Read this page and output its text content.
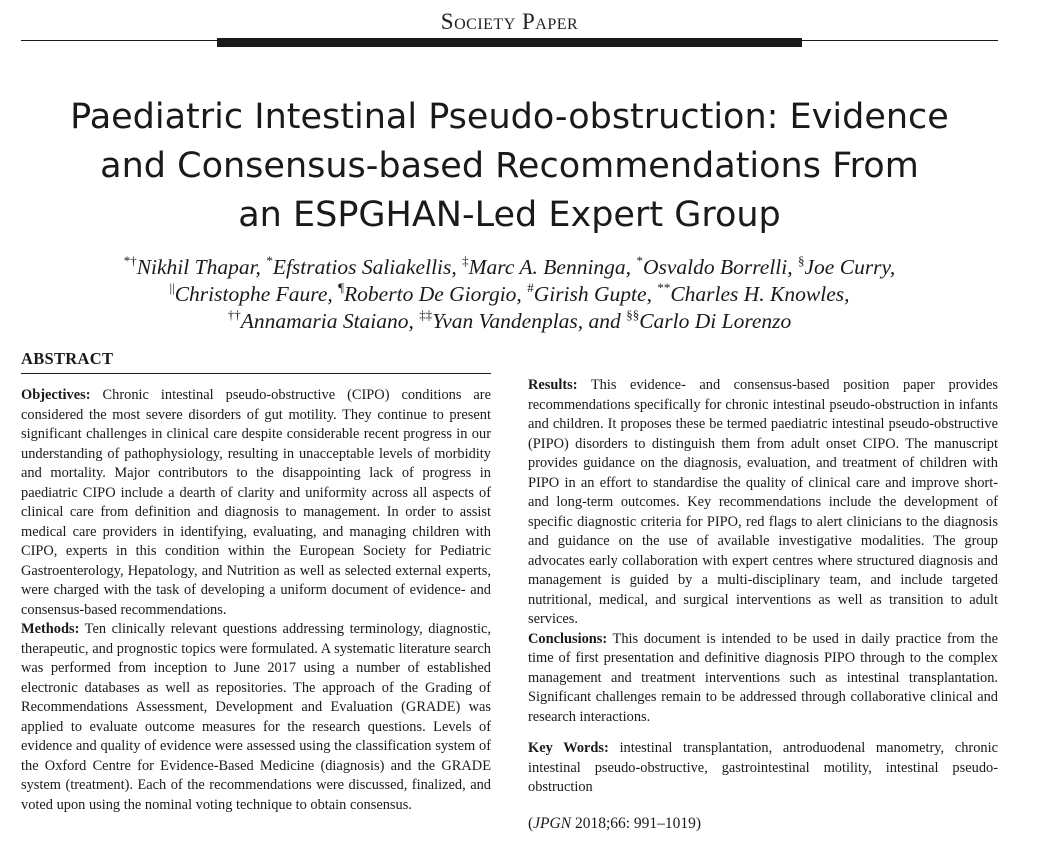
Society Paper
Paediatric Intestinal Pseudo-obstruction: Evidence
and Consensus-based Recommendations From
an ESPGHAN-Led Expert Group
*†Nikhil Thapar, *Efstratios Saliakellis, ‡Marc A. Benninga, *Osvaldo Borrelli, §Joe Curry,
||Christophe Faure, ¶Roberto De Giorgio, #Girish Gupte, **Charles H. Knowles,
††Annamaria Staiano, ‡‡Yvan Vandenplas, and §§Carlo Di Lorenzo
ABSTRACT

Objectives: Chronic intestinal pseudo-obstructive (CIPO) conditions are considered the most severe disorders of gut motility. They continue to present significant challenges in clinical care despite considerable recent progress in our understanding of pathophysiology, resulting in unacceptable levels of morbidity and mortality. Major contributors to the disappointing lack of progress in paediatric CIPO include a dearth of clarity and uniformity across all aspects of clinical care from definition and diagnosis to management. In order to assist medical care providers in identifying, evaluating, and managing children with CIPO, experts in this condition within the European Society for Pediatric Gastroenterology, Hepatology, and Nutrition as well as selected external experts, were charged with the task of developing a uniform document of evidence- and consensus-based recommendations.

Methods: Ten clinically relevant questions addressing terminology, diagnostic, therapeutic, and prognostic topics were formulated. A systematic literature search was performed from inception to June 2017 using a number of established electronic databases as well as repositories. The approach of the Grading of Recommendations Assessment, Development and Evaluation (GRADE) was applied to evaluate outcome measures for the research questions. Levels of evidence and quality of evidence were assessed using the classification system of the Oxford Centre for Evidence-Based Medicine (diagnosis) and the GRADE system (treatment). Each of the recommendations were discussed, finalized, and voted upon using the nominal voting technique to obtain consensus.

Results: This evidence- and consensus-based position paper provides recommendations specifically for chronic intestinal pseudo-obstruction in infants and children. It proposes these be termed paediatric intestinal pseudo-obstructive (PIPO) disorders to distinguish them from adult onset CIPO. The manuscript provides guidance on the diagnosis, evaluation, and treatment of children with PIPO in an effort to standardise the quality of clinical care and improve short- and long-term outcomes. Key recommendations include the development of specific diagnostic criteria for PIPO, red flags to alert clinicians to the diagnosis and guidance on the use of available investigative modalities. The group advocates early collaboration with expert centres where structured diagnosis and management is guided by a multi-disciplinary team, and include targeted nutritional, medical, and surgical interventions as well as transition to adult services.

Conclusions: This document is intended to be used in daily practice from the time of first presentation and definitive diagnosis PIPO through to the complex management and treatment interventions such as intestinal transplantation. Significant challenges remain to be addressed through collaborative clinical and research interactions.

Key Words: intestinal transplantation, antroduodenal manometry, chronic intestinal pseudo-obstructive, gastrointestinal motility, intestinal pseudo-obstruction

(JPGN 2018;66: 991–1019)
